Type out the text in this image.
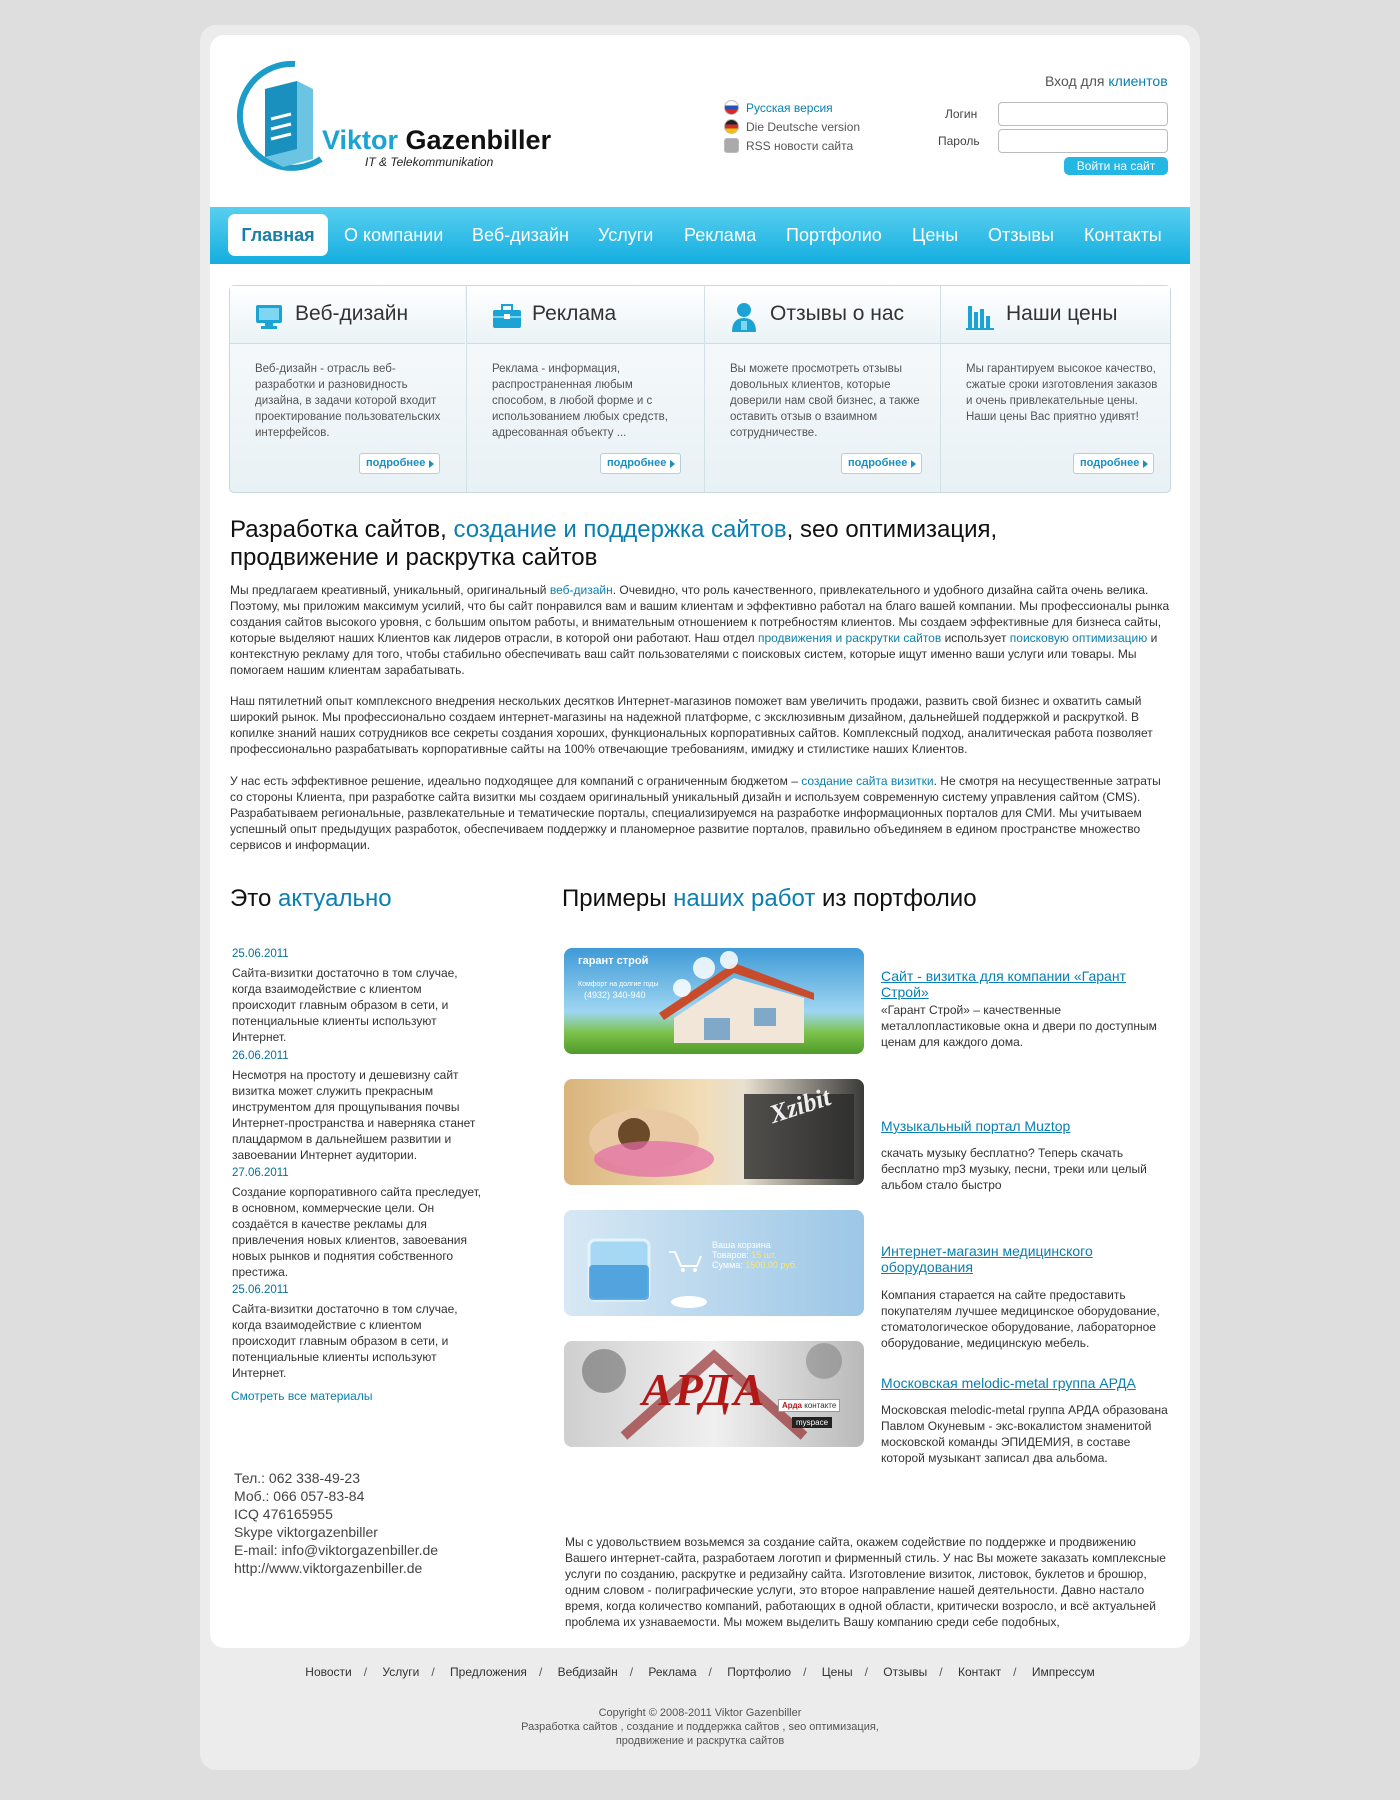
Viktor Gazenbiller
IT & Telekommunikation
Русская версия
Die Deutsche version
RSS новости сайта
Вход для клиентов
Логин
Пароль
Войти на сайт
Главная	О компании Веб-дизайн Услуги Реклама Портфолио Цены Отзывы Контакты
Веб-дизайн
Веб-дизайн - отрасль веб-разработки и разновидность дизайна, в задачи которой входит проектирование пользовательских интерфейсов.
подробнее
Реклама
Реклама - информация, распространенная любым способом, в любой форме и с использованием любых средств, адресованная объекту ...
подробнее
Отзывы о нас
Вы можете просмотреть отзывы довольных клиентов, которые доверили нам свой бизнес, а также оставить отзыв о взаимном сотрудничестве.
подробнее
Наши цены
Мы гарантируем высокое качество, сжатые сроки изготовления заказов и очень привлекательные цены. Наши цены Вас приятно удивят!
подробнее
Разработка сайтов, создание и поддержка сайтов, seo оптимизация, продвижение и раскрутка сайтов
Мы предлагаем креативный, уникальный, оригинальный веб-дизайн. Очевидно, что роль качественного, привлекательного и удобного дизайна сайта очень велика. Поэтому, мы приложим максимум усилий, что бы сайт понравился вам и вашим клиентам и эффективно работал на благо вашей компании. Мы профессионалы рынка создания сайтов высокого уровня, с большим опытом работы, и внимательным отношением к потребностям клиентов. Мы создаем эффективные для бизнеса сайты, которые выделяют наших Клиентов как лидеров отрасли, в которой они работают. Наш отдел продвижения и раскрутки сайтов использует поисковую оптимизацию и контекстную рекламу для того, чтобы стабильно обеспечивать ваш сайт пользователями с поисковых систем, которые ищут именно ваши услуги или товары. Мы помогаем нашим клиентам зарабатывать.
Наш пятилетний опыт комплексного внедрения нескольких десятков Интернет-магазинов поможет вам увеличить продажи, развить свой бизнес и охватить самый широкий рынок. Мы профессионально создаем интернет-магазины на надежной платформе, с эксклюзивным дизайном, дальнейшей поддержкой и раскруткой. В копилке знаний наших сотрудников все секреты создания хороших, функциональных корпоративных сайтов. Комплексный подход, аналитическая работа позволяет профессионально разрабатывать корпоративные сайты на 100% отвечающие требованиям, имиджу и стилистике наших Клиентов.
У нас есть эффективное решение, идеально подходящее для компаний с ограниченным бюджетом – создание сайта визитки. Не смотря на несущественные затраты со стороны Клиента, при разработке сайта визитки мы создаем оригинальный уникальный дизайн и используем современную систему управления сайтом (CMS). Разрабатываем региональные, развлекательные и тематические порталы, специализируемся на разработке информационных порталов для СМИ. Мы учитываем успешный опыт предыдущих разработок, обеспечиваем поддержку и планомерное развитие порталов, правильно объединяем в едином пространстве множество сервисов и информации.
Это актуально
25.06.2011
Сайта-визитки достаточно в том случае, когда взаимодействие с клиентом происходит главным образом в сети, и потенциальные клиенты используют Интернет.
26.06.2011
Несмотря на простоту и дешевизну сайт визитка может служить прекрасным инструментом для прощупывания почвы Интернет-пространства и наверняка станет плацдармом в дальнейшем развитии и завоевании Интернет аудитории.
27.06.2011
Создание корпоративного сайта преследует, в основном, коммерческие цели. Он создаётся в качестве рекламы для привлечения новых клиентов, завоевания новых рынков и поднятия собственного престижа.
25.06.2011
Сайта-визитки достаточно в том случае, когда взаимодействие с клиентом происходит главным образом в сети, и потенциальные клиенты используют Интернет.
Смотреть все материалы
Тел.: 062 338-49-23
Моб.: 066 057-83-84
ICQ 476165955
Skype viktorgazenbiller
E-mail: info@viktorgazenbiller.de
http://www.viktorgazenbiller.de
Примеры наших работ из портфолио
гарант строй
Комфорт на долгие годы
(4932) 340-940
Сайт - визитка для компании «Гарант Строй»
«Гарант Строй» – качественные металлопластиковые окна и двери по доступным ценам для каждого дома.
Xzibit	Музыкальный портал Muztop
скачать музыку бесплатно? Теперь скачать бесплатно mp3 музыку, песни, треки или целый альбом стало быстро
Ваша корзина
Товаров: 15 шт.
Сумма: 1500.00 руб.
Интернет-магазин медицинского оборудования
Компания старается на сайте предоставить покупателям лучшее медицинское оборудование, стоматологическое оборудование, лабораторное оборудование, медицинскую мебель.
АРДА	Арда контакте
myspace
Московская melodic-metal группа АРДА
Московская melodic-metal группа АРДА образована Павлом Окуневым - экс-вокалистом знаменитой московской команды ЭПИДЕМИЯ, в составе которой музыкант записал два альбома.
Мы с удовольствием возьмемся за создание сайта, окажем содействие по поддержке и продвижению Вашего интернет-сайта, разработаем логотип и фирменный стиль. У нас Вы можете заказать комплексные услуги по созданию, раскрутке и редизайну сайта. Изготовление визиток, листовок, буклетов и брошюр, одним словом - полиграфические услуги, это второе направление нашей деятельности. Давно настало время, когда количество компаний, работающих в одной области, критически возросло, и всё актуальней проблема их узнаваемости. Мы можем выделить Вашу компанию среди себе подобных,
Новости / Услуги / Предложения / Вебдизайн / Реклама / Портфолио / Цены / Отзывы / Контакт / Импрессум
Copyright © 2008-2011 Viktor Gazenbiller
Разработка сайтов , создание и поддержка сайтов , seo оптимизация,
продвижение и раскрутка сайтов
